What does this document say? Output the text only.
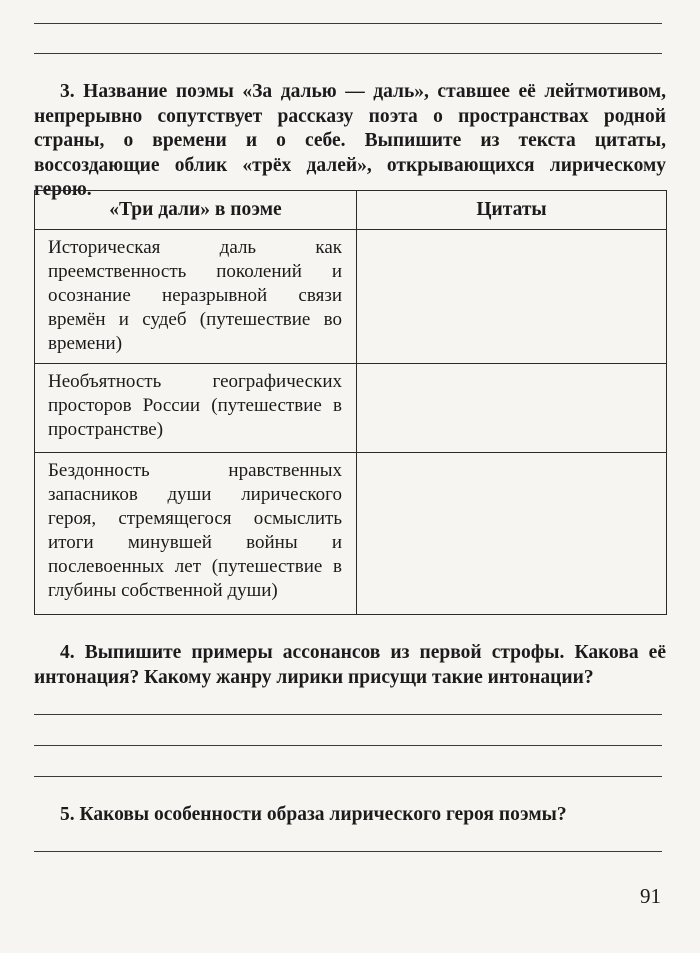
3. Название поэмы «За далью — даль», ставшее её лейтмотивом, непрерывно сопутствует рассказу поэта о пространствах родной страны, о времени и о себе. Выпишите из текста цитаты, воссоздающие облик «трёх далей», открывающихся лирическому герою.
«Три дали» в поэме	Цитаты
Историческая даль как преемственность поколений и осознание неразрывной связи времён и судеб (путешествие во времени)	
Необъятность географических просторов России (путешествие в пространстве)	
Бездонность нравственных запасников души лирического героя, стремящегося осмыслить итоги минувшей войны и послевоенных лет (путешествие в глубины собственной души)	
4. Выпишите примеры ассонансов из первой строфы. Какова её интонация? Какому жанру лирики присущи такие интонации?
5. Каковы особенности образа лирического героя поэмы?
91
